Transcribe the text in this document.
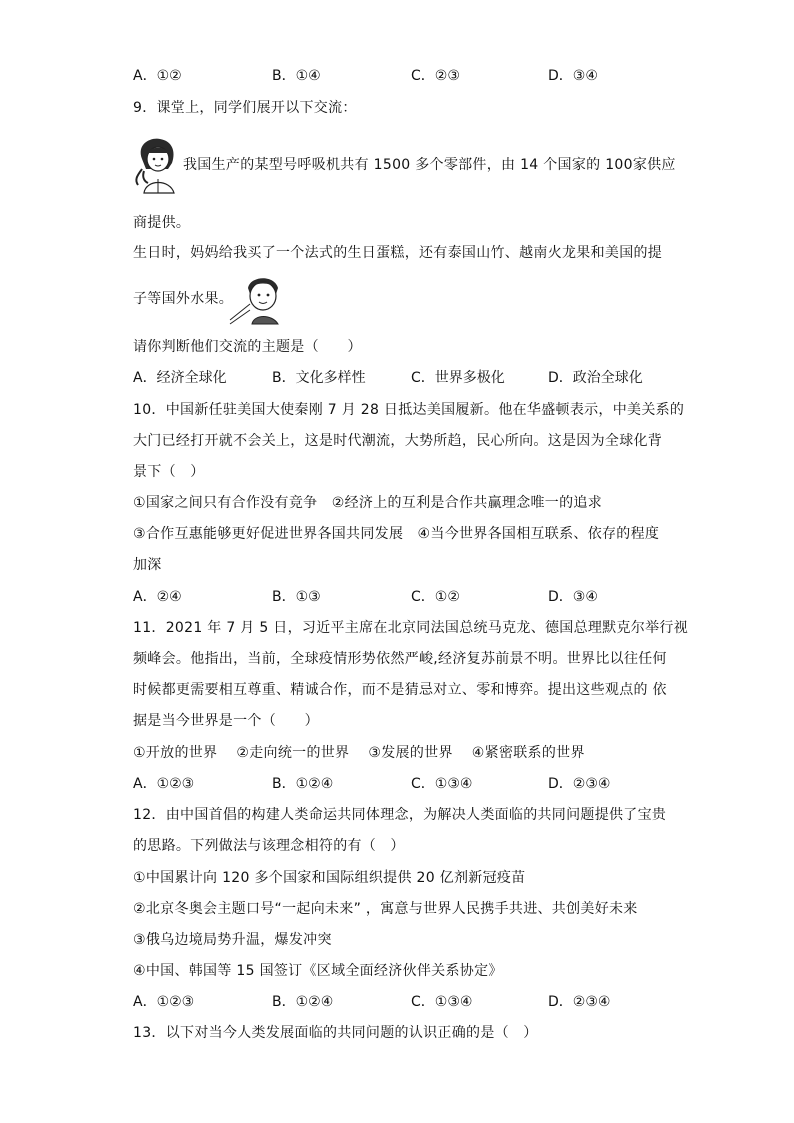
A．①②	B．①④	C．②③	D．③④
9．课堂上，同学们展开以下交流：
我国生产的某型号呼吸机共有 1500 多个零部件，由 14 个国家的 100家供应
商提供。
生日时，妈妈给我买了一个法式的生日蛋糕，还有泰国山竹、越南火龙果和美国的提
子等国外水果。
请你判断他们交流的主题是（　　）
A．经济全球化	B．文化多样性	C．世界多极化	D．政治全球化
10．中国新任驻美国大使秦刚 7 月 28 日抵达美国履新。他在华盛顿表示，中美关系的
大门已经打开就不会关上，这是时代潮流，大势所趋，民心所向。这是因为全球化背
景下（　）
①国家之间只有合作没有竞争　②经济上的互利是合作共赢理念唯一的追求
③合作互惠能够更好促进世界各国共同发展　④当今世界各国相互联系、依存的程度
加深
A．②④	B．①③	C．①②	D．③④
11．2021 年 7 月 5 日，习近平主席在北京同法国总统马克龙、德国总理默克尔举行视
频峰会。他指出，当前，全球疫情形势依然严峻,经济复苏前景不明。世界比以往任何
时候都更需要相互尊重、精诚合作，而不是猜忌对立、零和博弈。提出这些观点的 依
据是当今世界是一个（　　）
①开放的世界　 ②走向统一的世界　 ③发展的世界　 ④紧密联系的世界
A．①②③	B．①②④	C．①③④	D．②③④
12．由中国首倡的构建人类命运共同体理念，为解决人类面临的共同问题提供了宝贵
的思路。下列做法与该理念相符的有（　）
①中国累计向 120 多个国家和国际组织提供 20 亿剂新冠疫苗
②北京冬奥会主题口号“一起向未来” ，寓意与世界人民携手共进、共创美好未来
③俄乌边境局势升温，爆发冲突
④中国、韩国等 15 国签订《区域全面经济伙伴关系协定》
A．①②③	B．①②④	C．①③④	D．②③④
13．以下对当今人类发展面临的共同问题的认识正确的是（　）
